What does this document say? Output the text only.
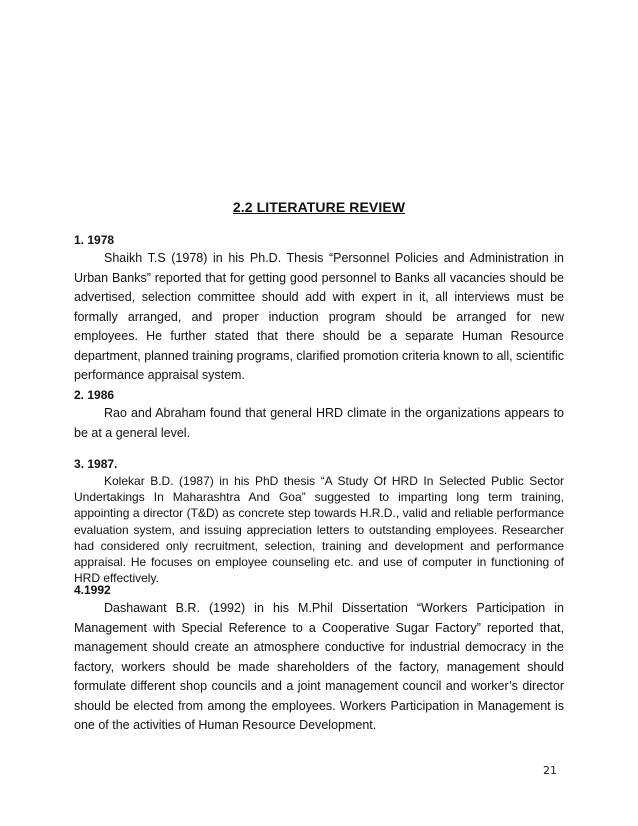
2.2 LITERATURE REVIEW
1. 1978

Shaikh T.S (1978) in his Ph.D. Thesis “Personnel Policies and Administration in Urban Banks” reported that for getting good personnel to Banks all vacancies should be advertised, selection committee should add with expert in it, all interviews must be formally arranged, and proper induction program should be arranged for new employees. He further stated that there should be a separate Human Resource department, planned training programs, clarified promotion criteria known to all, scientific performance appraisal system.

2. 1986

Rao and Abraham found that general HRD climate in the organizations appears to be at a general level.

3. 1987.

Kolekar B.D. (1987) in his PhD thesis “A Study Of HRD In Selected Public Sector Undertakings In Maharashtra And Goa” suggested to imparting long term training, appointing a director (T&D) as concrete step towards H.R.D., valid and reliable performance evaluation system, and issuing appreciation letters to outstanding employees. Researcher had considered only recruitment, selection, training and development and performance appraisal. He focuses on employee counseling etc. and use of computer in functioning of HRD effectively.

4.1992

Dashawant B.R. (1992) in his M.Phil Dissertation “Workers Participation in Management with Special Reference to a Cooperative Sugar Factory” reported that, management should create an atmosphere conductive for industrial democracy in the factory, workers should be made shareholders of the factory, management should formulate different shop councils and a joint management council and worker’s director should be elected from among the employees. Workers Participation in Management is one of the activities of Human Resource Development.

21
